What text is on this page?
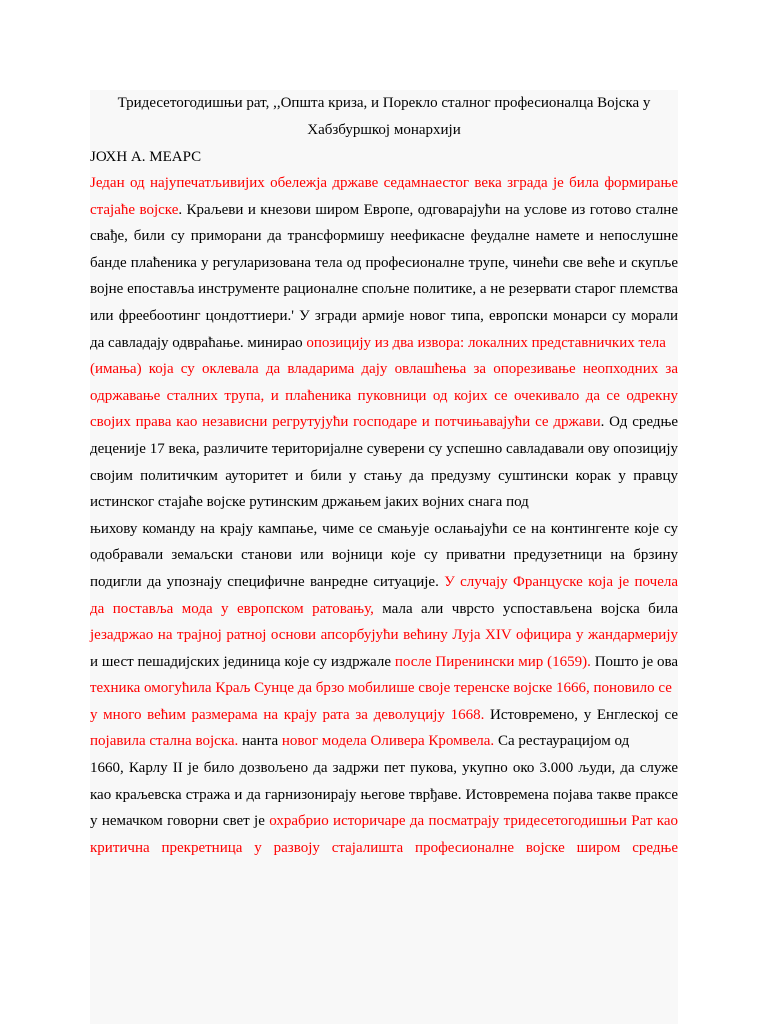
Тридесетогодишњи рат, ,,Општа криза, и Порекло сталног професионалца Војска у Хабзбуршкој монархији

ЈОХН А. МЕАРС

Један од најупечатљивијих обележја државе седамнаестог века зграда је била формирање стајаће војске. Краљеви и кнезови широм Европе, одговарајући на услове из готово сталне свађе, били су приморани да трансформишу неефикасне феудалне намете и непослушне банде плаћеника у регуларизована тела од професионалне трупе, чинећи све веће и скупље војне епоставља инструменте рационалне спољне политике, а не резервати старог племства или фреебоотинг цондоттиери.' У згради армије новог типа, европски монарси су морали да савладају одвраћање. минирао опозицију из два извора: локалних представничких тела

(имања) која су оклевала да владарима дају овлашћења за опорезивање неопходних за одржавање сталних трупа, и плаћеника пуковници од којих се очекивало да се одрекну својих права као независни регрутујући господаре и потчињавајући се држави. Од средње деценије 17 века, различите територијалне суверени су успешно савладавали ову опозицију својим политичким ауторитет и били у стању да предузму суштински корак у правцу истинског стајаће војске рутинским држањем јаких војних снага под

њихову команду на крају кампање, чиме се смањује ослањајући се на контингенте које су одобравали земаљски станови или војници које су приватни предузетници на брзину подигли да упознају специфичне ванредне ситуације. У случају Француске која је почела да поставља мода у европском ратовању, мала али чврсто успостављена војска била језадржао на трајној ратној основи апсорбујући већину Луја XIV официра у жандармерију и шест пешадијских јединица које су издржале после Пиренински мир (1659). Пошто је ова техника омогућила Краљ Сунце да брзо мобилише своје теренске војске 1666, поновило се

у много већим размерама на крају рата за деволуцију 1668. Истовремено, у Енглеској се појавила стална војска. нанта новог модела Оливера Кромвела. Са рестаурацијом од

1660, Карлу II је било дозвољено да задржи пет пукова, укупно око 3.000 људи, да служе као краљевска стража и да гарнизонирају његове тврђаве. Истовремена појава такве праксе у немачком говорни свет је охрабрио историчаре да посматрају тридесетогодишњи Рат као критична прекретница у развоју стајалишта професионалне војске широм средње
